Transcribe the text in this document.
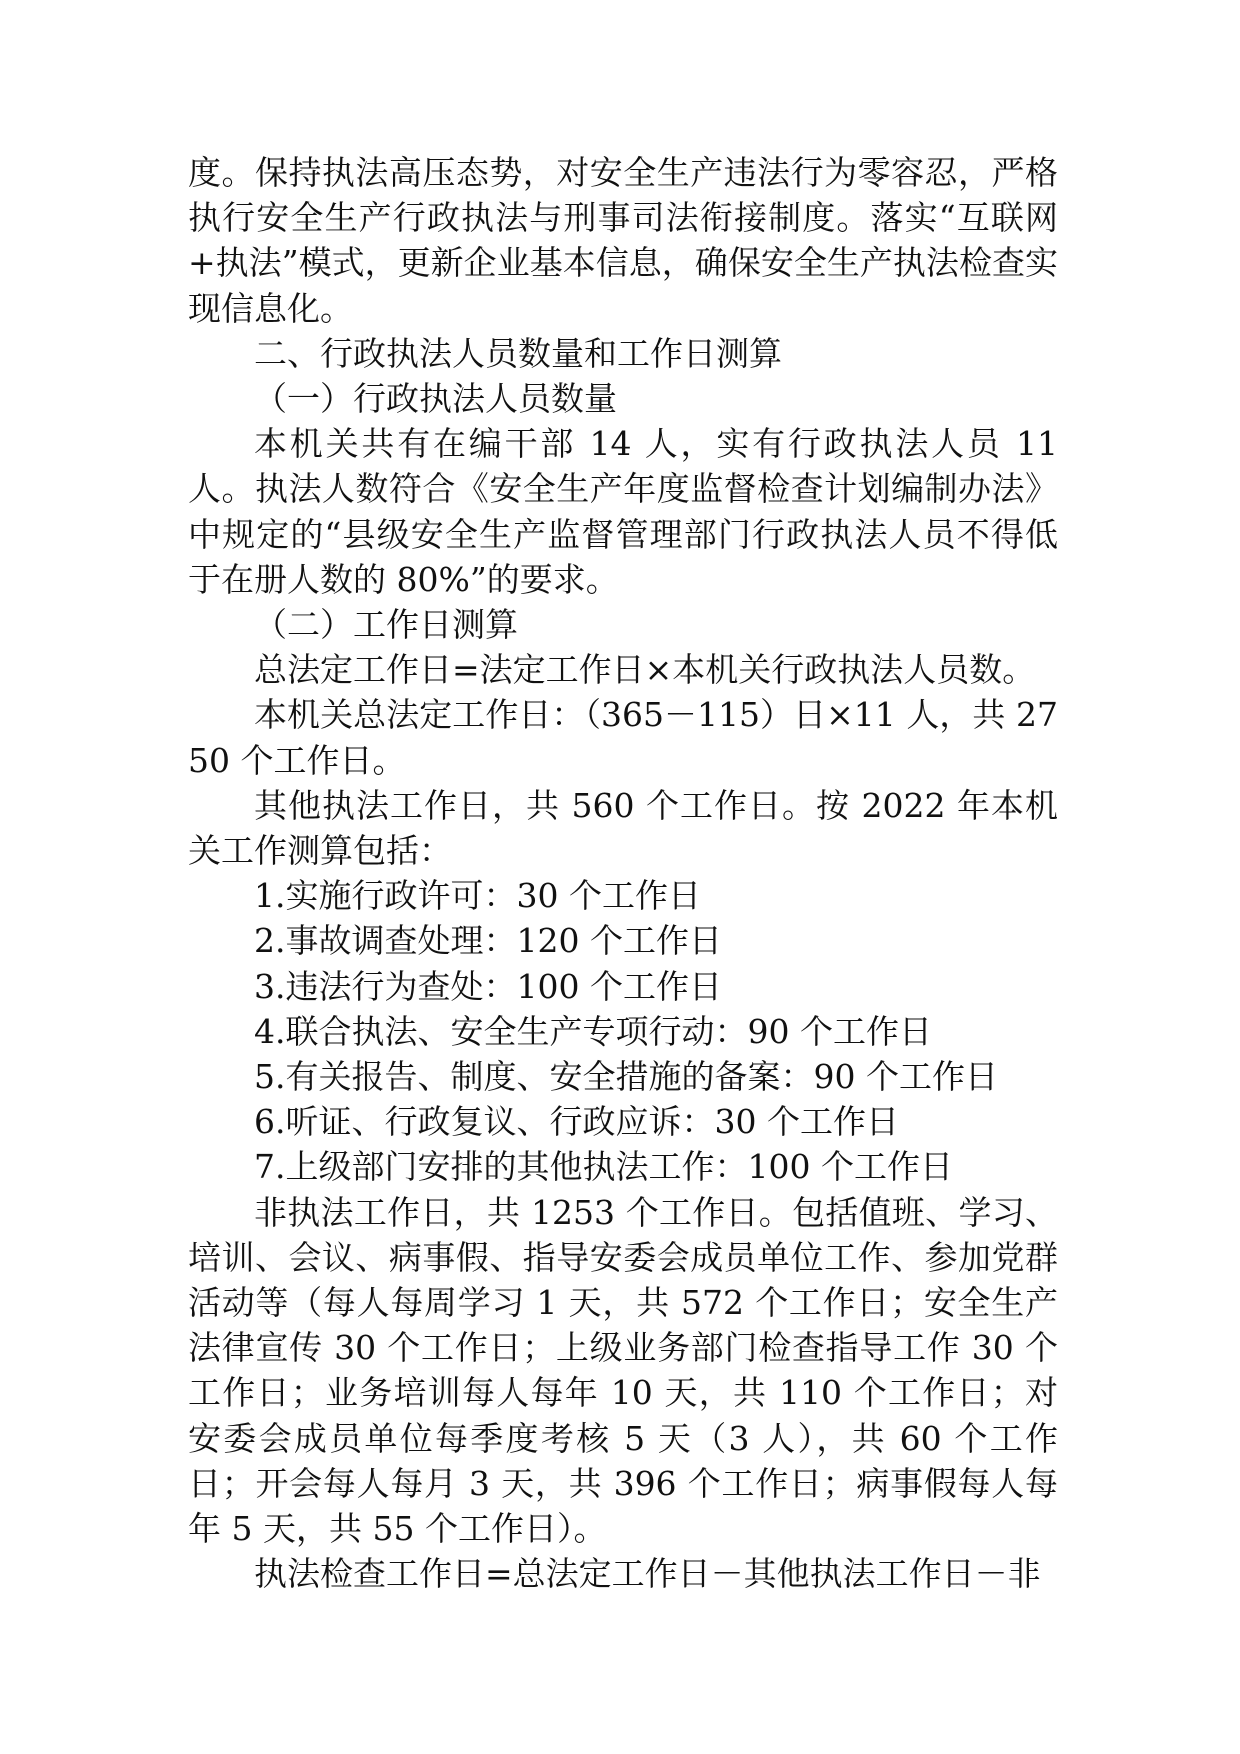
度。保持执法高压态势，对安全生产违法行为零容忍，严格执行安全生产行政执法与刑事司法衔接制度。落实“互联网+执法”模式，更新企业基本信息，确保安全生产执法检查实现信息化。

二、行政执法人员数量和工作日测算

（一）行政执法人员数量

本机关共有在编干部 14 人，实有行政执法人员 11 人。执法人数符合《安全生产年度监督检查计划编制办法》中规定的“县级安全生产监督管理部门行政执法人员不得低于在册人数的 80%”的要求。

（二）工作日测算

总法定工作日=法定工作日×本机关行政执法人员数。

本机关总法定工作日：（365－115）日×11 人，共 2750 个工作日。

其他执法工作日，共 560 个工作日。按 2022 年本机关工作测算包括：

1.实施行政许可：30 个工作日

2.事故调查处理：120 个工作日

3.违法行为查处：100 个工作日

4.联合执法、安全生产专项行动：90 个工作日

5.有关报告、制度、安全措施的备案：90 个工作日

6.听证、行政复议、行政应诉：30 个工作日

7.上级部门安排的其他执法工作：100 个工作日

非执法工作日，共 1253 个工作日。包括值班、学习、培训、会议、病事假、指导安委会成员单位工作、参加党群活动等（每人每周学习 1 天，共 572 个工作日；安全生产法律宣传 30 个工作日；上级业务部门检查指导工作 30 个工作日；业务培训每人每年 10 天，共 110 个工作日；对安委会成员单位每季度考核 5 天（3 人），共 60 个工作日；开会每人每月 3 天，共 396 个工作日；病事假每人每年 5 天，共 55 个工作日）。

执法检查工作日=总法定工作日－其他执法工作日－非
